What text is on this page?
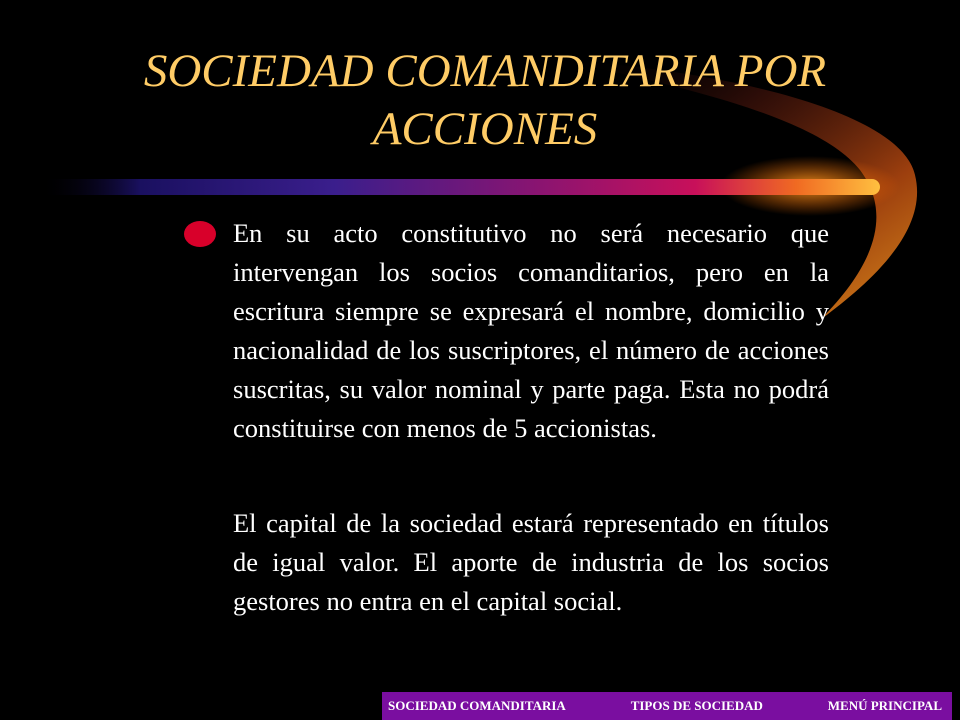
SOCIEDAD COMANDITARIA POR
ACCIONES

En su acto constitutivo no será necesario que intervengan los socios comanditarios, pero en la escritura siempre se expresará el nombre, domicilio y nacionalidad de los suscriptores, el número de acciones suscritas, su valor nominal y parte paga. Esta no podrá constituirse con menos de 5 accionistas.

El capital de la sociedad estará representado en títulos de igual valor. El aporte de industria de los socios gestores no entra en el capital social.

SOCIEDAD COMANDITARIA	TIPOS DE SOCIEDAD	MENÚ PRINCIPAL
